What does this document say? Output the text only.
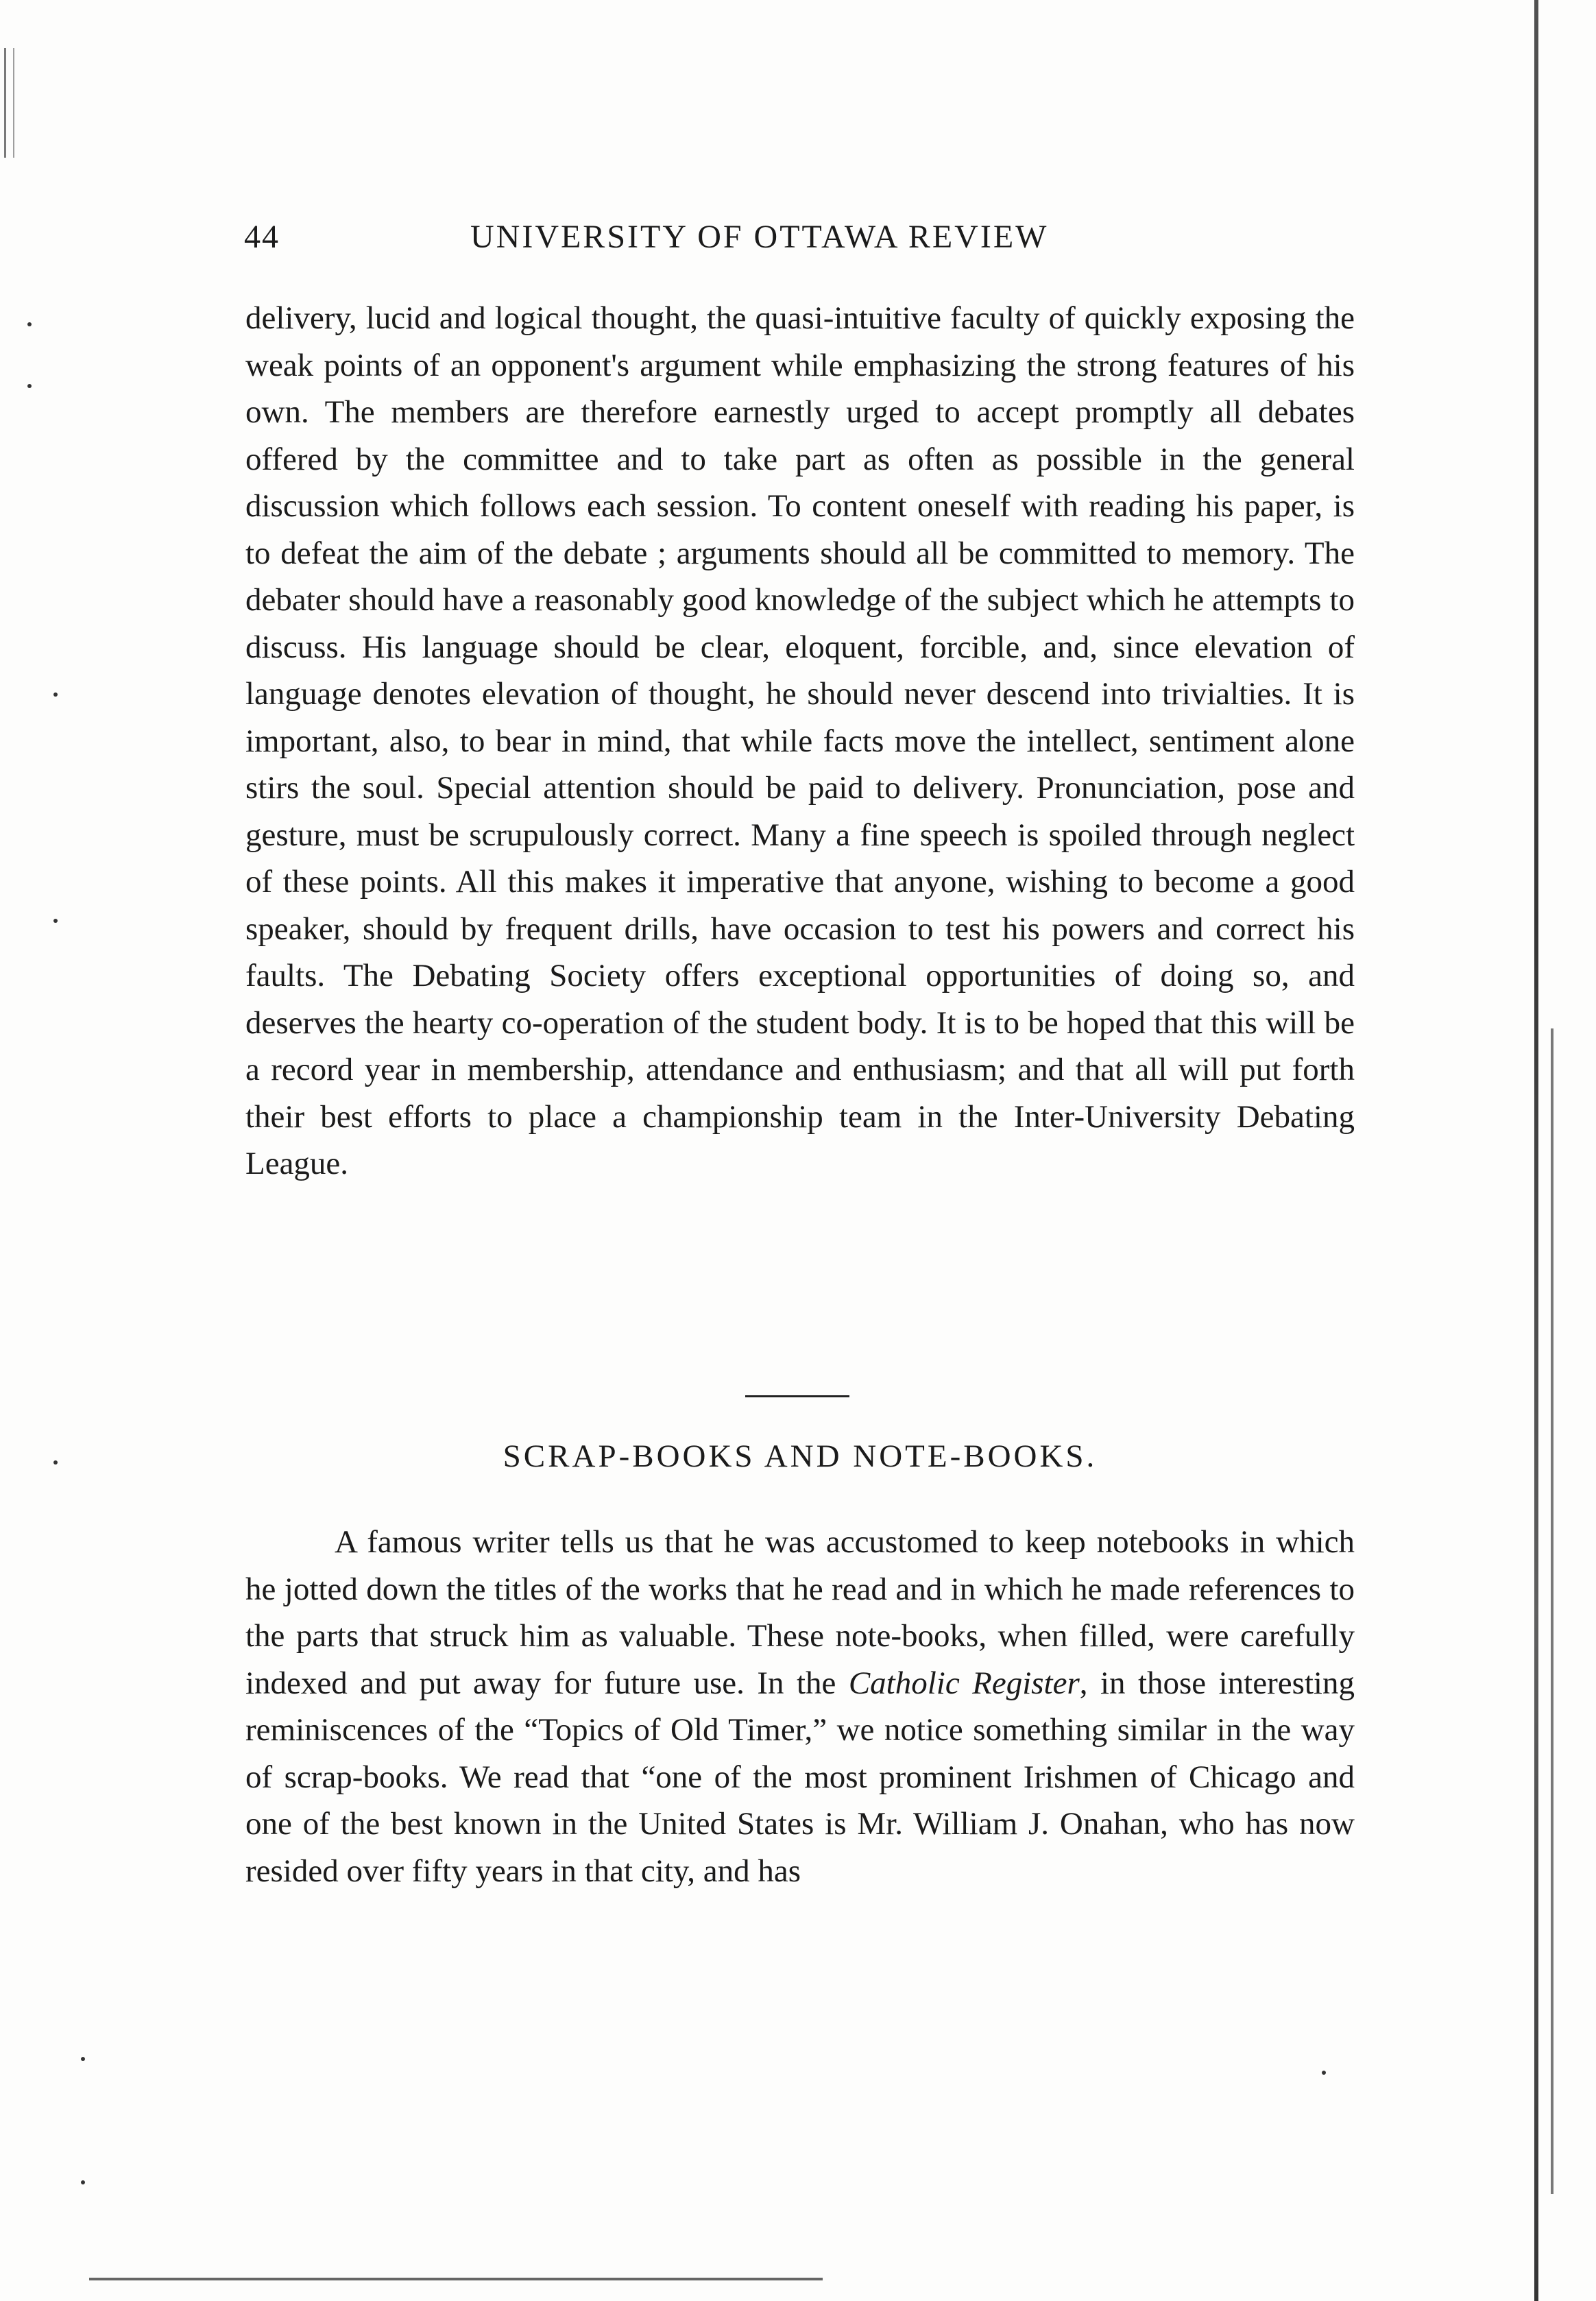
44	UNIVERSITY OF OTTAWA REVIEW

delivery, lucid and logical thought, the quasi-intuitive faculty of quickly exposing the weak points of an opponent's argument while emphasizing the strong features of his own. The members are therefore earnestly urged to accept promptly all debates offered by the committee and to take part as often as possible in the general discussion which follows each session. To content oneself with reading his paper, is to defeat the aim of the debate ; arguments should all be committed to memory. The debater should have a reasonably good knowledge of the subject which he attempts to discuss. His language should be clear, eloquent, forcible, and, since elevation of language denotes elevation of thought, he should never descend into trivialties. It is important, also, to bear in mind, that while facts move the intellect, sentiment alone stirs the soul. Special attention should be paid to delivery. Pronunciation, pose and gesture, must be scrupulously correct. Many a fine speech is spoiled through neglect of these points. All this makes it imperative that anyone, wishing to become a good speaker, should by frequent drills, have occasion to test his powers and correct his faults. The Debating Society offers exceptional opportunities of doing so, and deserves the hearty co-operation of the student body. It is to be hoped that this will be a record year in membership, attendance and enthusiasm; and that all will put forth their best efforts to place a championship team in the Inter-University Debating League.

SCRAP-BOOKS AND NOTE-BOOKS.

A famous writer tells us that he was accustomed to keep notebooks in which he jotted down the titles of the works that he read and in which he made references to the parts that struck him as valuable. These note-books, when filled, were carefully indexed and put away for future use. In the Catholic Register, in those interesting reminiscences of the “Topics of Old Timer,” we notice something similar in the way of scrap-books. We read that “one of the most prominent Irishmen of Chicago and one of the best known in the United States is Mr. William J. Onahan, who has now resided over fifty years in that city, and has
